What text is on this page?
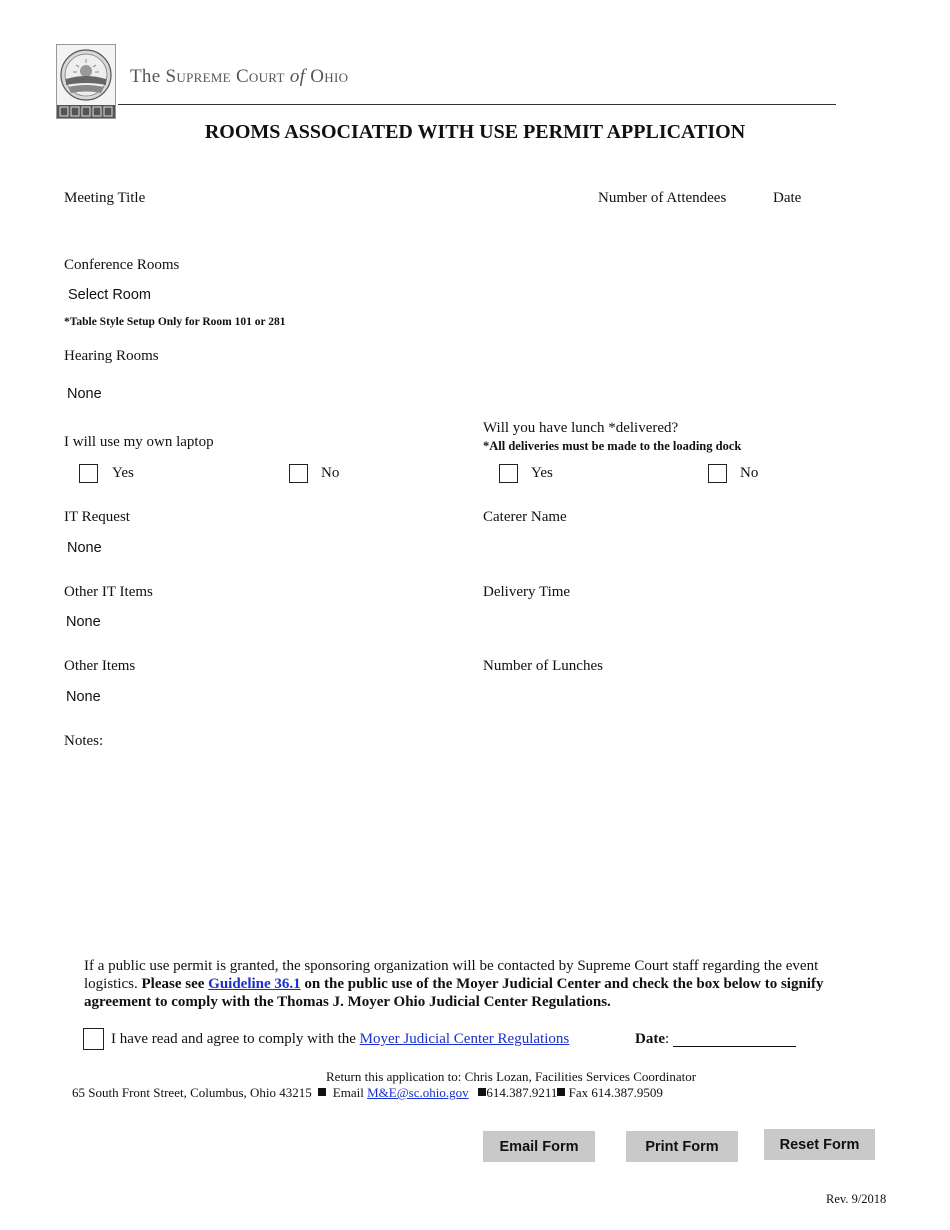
The Supreme Court of Ohio
ROOMS ASSOCIATED WITH USE PERMIT APPLICATION
Meeting Title	Number of Attendees	Date
Conference Rooms
Select Room
*Table Style Setup Only for Room 101 or 281
Hearing Rooms
None
I will use my own laptop
Yes	No
Will you have lunch *delivered?
*All deliveries must be made to the loading dock
Yes	No
IT Request
None
Caterer Name
Other IT Items
None
Delivery Time
Other Items
None
Number of Lunches
Notes:
If a public use permit is granted, the sponsoring organization will be contacted by Supreme Court staff regarding the event
logistics. Please see Guideline 36.1 on the public use of the Moyer Judicial Center and check the box below to signify
agreement to comply with the Thomas J. Moyer Ohio Judicial Center Regulations.
I have read and agree to comply with the Moyer Judicial Center Regulations	Date:
Return this application to: Chris Lozan, Facilities Services Coordinator
65 South Front Street, Columbus, Ohio 43215 Email M&E@sc.ohio.gov 614.387.9211 Fax 614.387.9509
Email Form	Print Form	Reset Form
Rev. 9/2018
